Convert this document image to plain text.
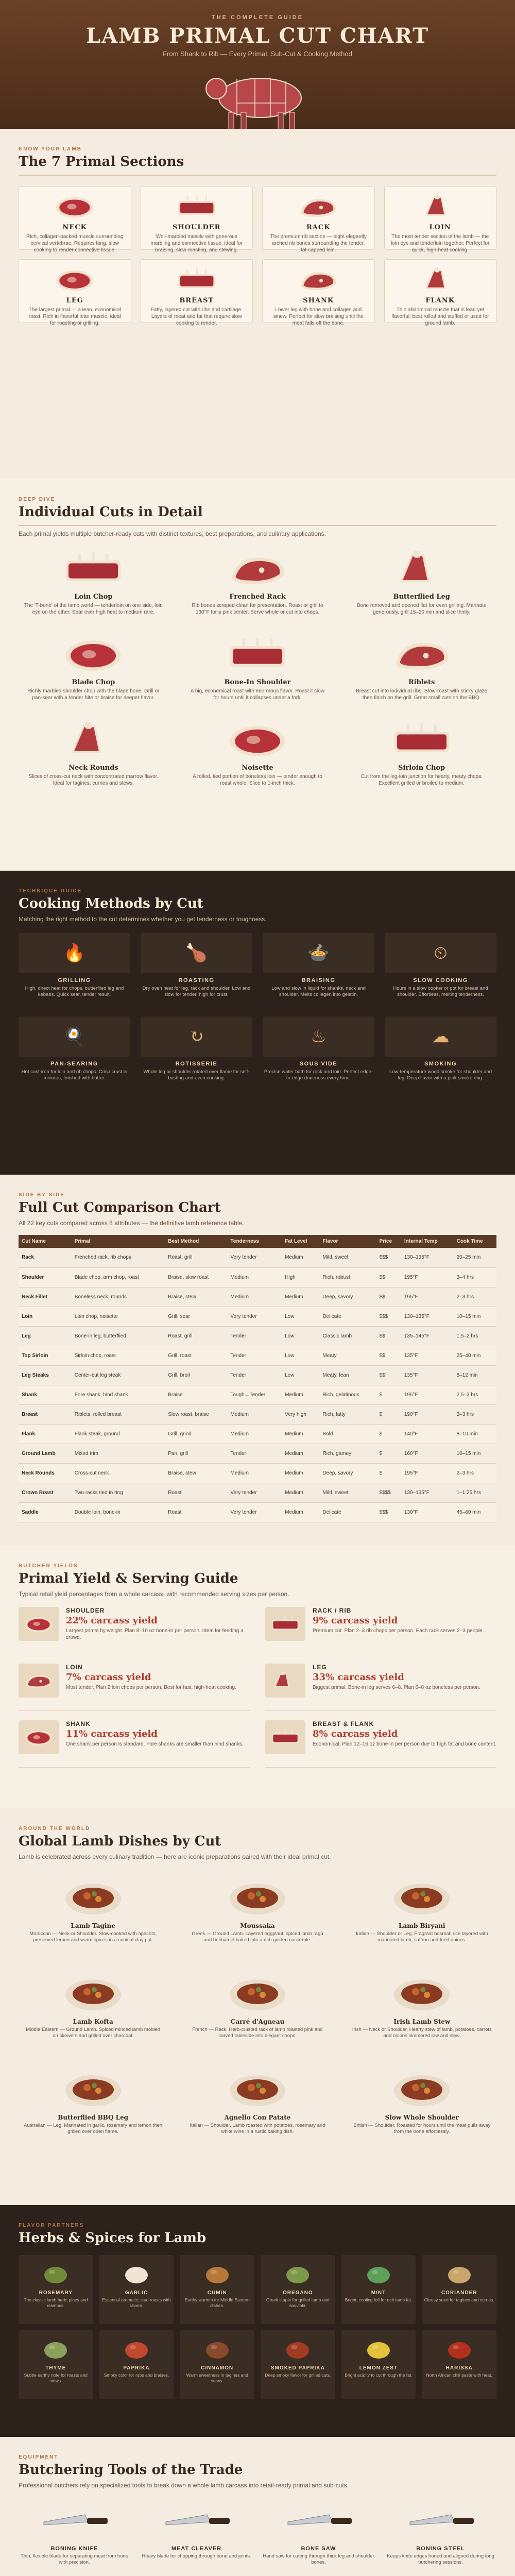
THE COMPLETE GUIDE
LAMB PRIMAL CUT CHART
From Shank to Rib — Every Primal, Sub-Cut & Cooking Method
KNOW YOUR LAMB
The 7 Primal Sections
NECK
Rich, collagen-packed muscle surrounding cervical vertebrae. Requires long, slow cooking to render connective tissue.
SHOULDER
Well-marbled muscle with generous marbling and connective tissue, ideal for braising, slow roasting, and stewing.
RACK
The premium rib section — eight elegantly arched rib bones surrounding the tender, fat-capped loin.
LOIN
The most tender section of the lamb — the loin eye and tenderloin together. Perfect for quick, high-heat cooking.
LEG
The largest primal — a lean, economical roast. Rich in flavorful lean muscle, ideal for roasting or grilling.
BREAST
Fatty, layered cut with ribs and cartilage. Layers of meat and fat that require slow cooking to render.
SHANK
Lower leg with bone and collagen and sinew. Perfect for slow braising until the meat falls off the bone.
FLANK
Thin abdominal muscle that is lean yet flavorful; best rolled and stuffed or used for ground lamb.
DEEP DIVE
Individual Cuts in Detail

Each primal yields multiple butcher-ready cuts with distinct textures, best preparations, and culinary applications.

Loin Chop
The 'T-bone' of the lamb world — tenderloin on one side, loin eye on the other. Sear over high heat to medium rare.
Frenched Rack
Rib bones scraped clean for presentation. Roast or grill to 130°F for a pink center. Serve whole or cut into chops.
Butterflied Leg
Bone removed and opened flat for even grilling. Marinate generously, grill 15–20 min and slice thinly.
Blade Chop
Richly marbled shoulder chop with the blade bone. Grill or pan-sear with a tender bite or braise for deeper flavor.
Bone-In Shoulder
A big, economical roast with enormous flavor. Roast it slow for hours until it collapses under a fork.
Riblets
Breast cut into individual ribs. Slow-roast with sticky glaze then finish on the grill. Great small cuts on the BBQ.
Neck Rounds
Slices of cross-cut neck with concentrated marrow flavor. Ideal for tagines, curries and stews.
Noisette
A rolled, tied portion of boneless loin — tender enough to roast whole. Slice to 1-inch thick.
Sirloin Chop
Cut from the leg-loin junction for hearty, meaty chops. Excellent grilled or broiled to medium.
TECHNIQUE GUIDE
Cooking Methods by Cut

Matching the right method to the cut determines whether you get tenderness or toughness.

🔥
GRILLING
High, direct heat for chops, butterflied leg and kebabs. Quick sear, tender result.
🍗
ROASTING
Dry oven heat for leg, rack and shoulder. Low and slow for tender, high for crust.
🍲
BRAISING
Low and slow in liquid for shanks, neck and shoulder. Melts collagen into gelatin.
⏲
SLOW COOKING
Hours in a slow cooker or pot for breast and shoulder. Effortless, melting tenderness.
🍳
PAN-SEARING
Hot cast-iron for loin and rib chops. Crisp crust in minutes, finished with butter.
↻
ROTISSERIE
Whole leg or shoulder rotated over flame for self-basting and even cooking.
♨
SOUS VIDE
Precise water bath for rack and loin. Perfect edge-to-edge doneness every time.
☁
SMOKING
Low-temperature wood smoke for shoulder and leg. Deep flavor with a pink smoke ring.
SIDE BY SIDE
Full Cut Comparison Chart

All 22 key cuts compared across 8 attributes — the definitive lamb reference table.

Cut Name	Primal	Best Method	Tenderness	Fat Level	Flavor	Price	Internal Temp	Cook Time
Rack	Frenched rack, rib chops	Roast, grill	Very tender	Medium	Mild, sweet	$$$	130–135°F	20–25 min
Shoulder	Blade chop, arm chop, roast	Braise, slow roast	Medium	High	Rich, robust	$$	195°F	3–4 hrs
Neck Fillet	Boneless neck, rounds	Braise, stew	Medium	Medium	Deep, savory	$$	195°F	2–3 hrs
Loin	Loin chop, noisette	Grill, sear	Very tender	Low	Delicate	$$$	130–135°F	10–15 min
Leg	Bone-in leg, butterflied	Roast, grill	Tender	Low	Classic lamb	$$	135–145°F	1.5–2 hrs
Top Sirloin	Sirloin chop, roast	Grill, roast	Tender	Low	Meaty	$$	135°F	25–40 min
Leg Steaks	Center-cut leg steak	Grill, broil	Tender	Low	Meaty, lean	$$	135°F	8–12 min
Shank	Fore shank, hind shank	Braise	Tough→Tender	Medium	Rich, gelatinous	$	195°F	2.5–3 hrs
Breast	Riblets, rolled breast	Slow roast, braise	Medium	Very high	Rich, fatty	$	190°F	2–3 hrs
Flank	Flank steak, ground	Grill, grind	Medium	Medium	Bold	$	140°F	8–10 min
Ground Lamb	Mixed trim	Pan, grill	Tender	Medium	Rich, gamey	$	160°F	10–15 min
Neck Rounds	Cross-cut neck	Braise, stew	Medium	Medium	Deep, savory	$	195°F	2–3 hrs
Crown Roast	Two racks tied in ring	Roast	Very tender	Medium	Mild, sweet	$$$$	130–135°F	1–1.25 hrs
Saddle	Double loin, bone-in	Roast	Very tender	Medium	Delicate	$$$	130°F	45–60 min
BUTCHER YIELDS
Primal Yield & Serving Guide

Typical retail yield percentages from a whole carcass, with recommended serving sizes per person.

SHOULDER
22% carcass yield
Largest primal by weight. Plan 8–10 oz bone-in per person. Ideal for feeding a crowd.
RACK / RIB
9% carcass yield
Premium cut. Plan 2–3 rib chops per person. Each rack serves 2–3 people.
LOIN
7% carcass yield
Most tender. Plan 2 loin chops per person. Best for fast, high-heat cooking.
LEG
33% carcass yield
Biggest primal. Bone-in leg serves 6–8. Plan 6–8 oz boneless per person.
SHANK
11% carcass yield
One shank per person is standard. Fore shanks are smaller than hind shanks.
BREAST & FLANK
8% carcass yield
Economical. Plan 12–16 oz bone-in per person due to high fat and bone content.
AROUND THE WORLD
Global Lamb Dishes by Cut

Lamb is celebrated across every culinary tradition — here are iconic preparations paired with their ideal primal cut.

Lamb Tagine
Moroccan — Neck or Shoulder. Slow-cooked with apricots, preserved lemon and warm spices in a conical clay pot.
Moussaka
Greek — Ground Lamb. Layered eggplant, spiced lamb ragù and béchamel baked into a rich golden casserole.
Lamb Biryani
Indian — Shoulder or Leg. Fragrant basmati rice layered with marinated lamb, saffron and fried onions.
Lamb Kofta
Middle Eastern — Ground Lamb. Spiced minced lamb molded on skewers and grilled over charcoal.
Carré d'Agneau
French — Rack. Herb-crusted rack of lamb roasted pink and carved tableside into elegant chops.
Irish Lamb Stew
Irish — Neck or Shoulder. Hearty stew of lamb, potatoes, carrots and onions simmered low and slow.
Butterflied BBQ Leg
Australian — Leg. Marinated in garlic, rosemary and lemon then grilled over open flame.
Agnello Con Patate
Italian — Shoulder. Lamb roasted with potatoes, rosemary and white wine in a rustic baking dish.
Slow Whole Shoulder
British — Shoulder. Roasted for hours until the meat pulls away from the bone effortlessly.
FLAVOR PARTNERS
Herbs & Spices for Lamb
ROSEMARY
The classic lamb herb; piney and resinous.
GARLIC
Essential aromatic; stud roasts with slivers.
CUMIN
Earthy warmth for Middle Eastern dishes.
OREGANO
Greek staple for grilled lamb and souvlaki.
MINT
Bright, cooling foil for rich lamb fat.
CORIANDER
Citrusy seed for tagines and curries.
THYME
Subtle earthy note for roasts and stews.
PAPRIKA
Smoky color for rubs and braises.
CINNAMON
Warm sweetness in tagines and stews.
SMOKED PAPRIKA
Deep smoky flavor for grilled cuts.
LEMON ZEST
Bright acidity to cut through the fat.
HARISSA
North African chili paste with heat.
EQUIPMENT
Butchering Tools of the Trade

Professional butchers rely on specialized tools to break down a whole lamb carcass into retail-ready primal and sub-cuts.

BONING KNIFE
Thin, flexible blade for separating meat from bone with precision.
MEAT CLEAVER
Heavy blade for chopping through bone and joints.
BONE SAW
Hand saw for cutting through thick leg and shoulder bones.
BONING STEEL
Keeps knife edges honed and aligned during long butchering sessions.
